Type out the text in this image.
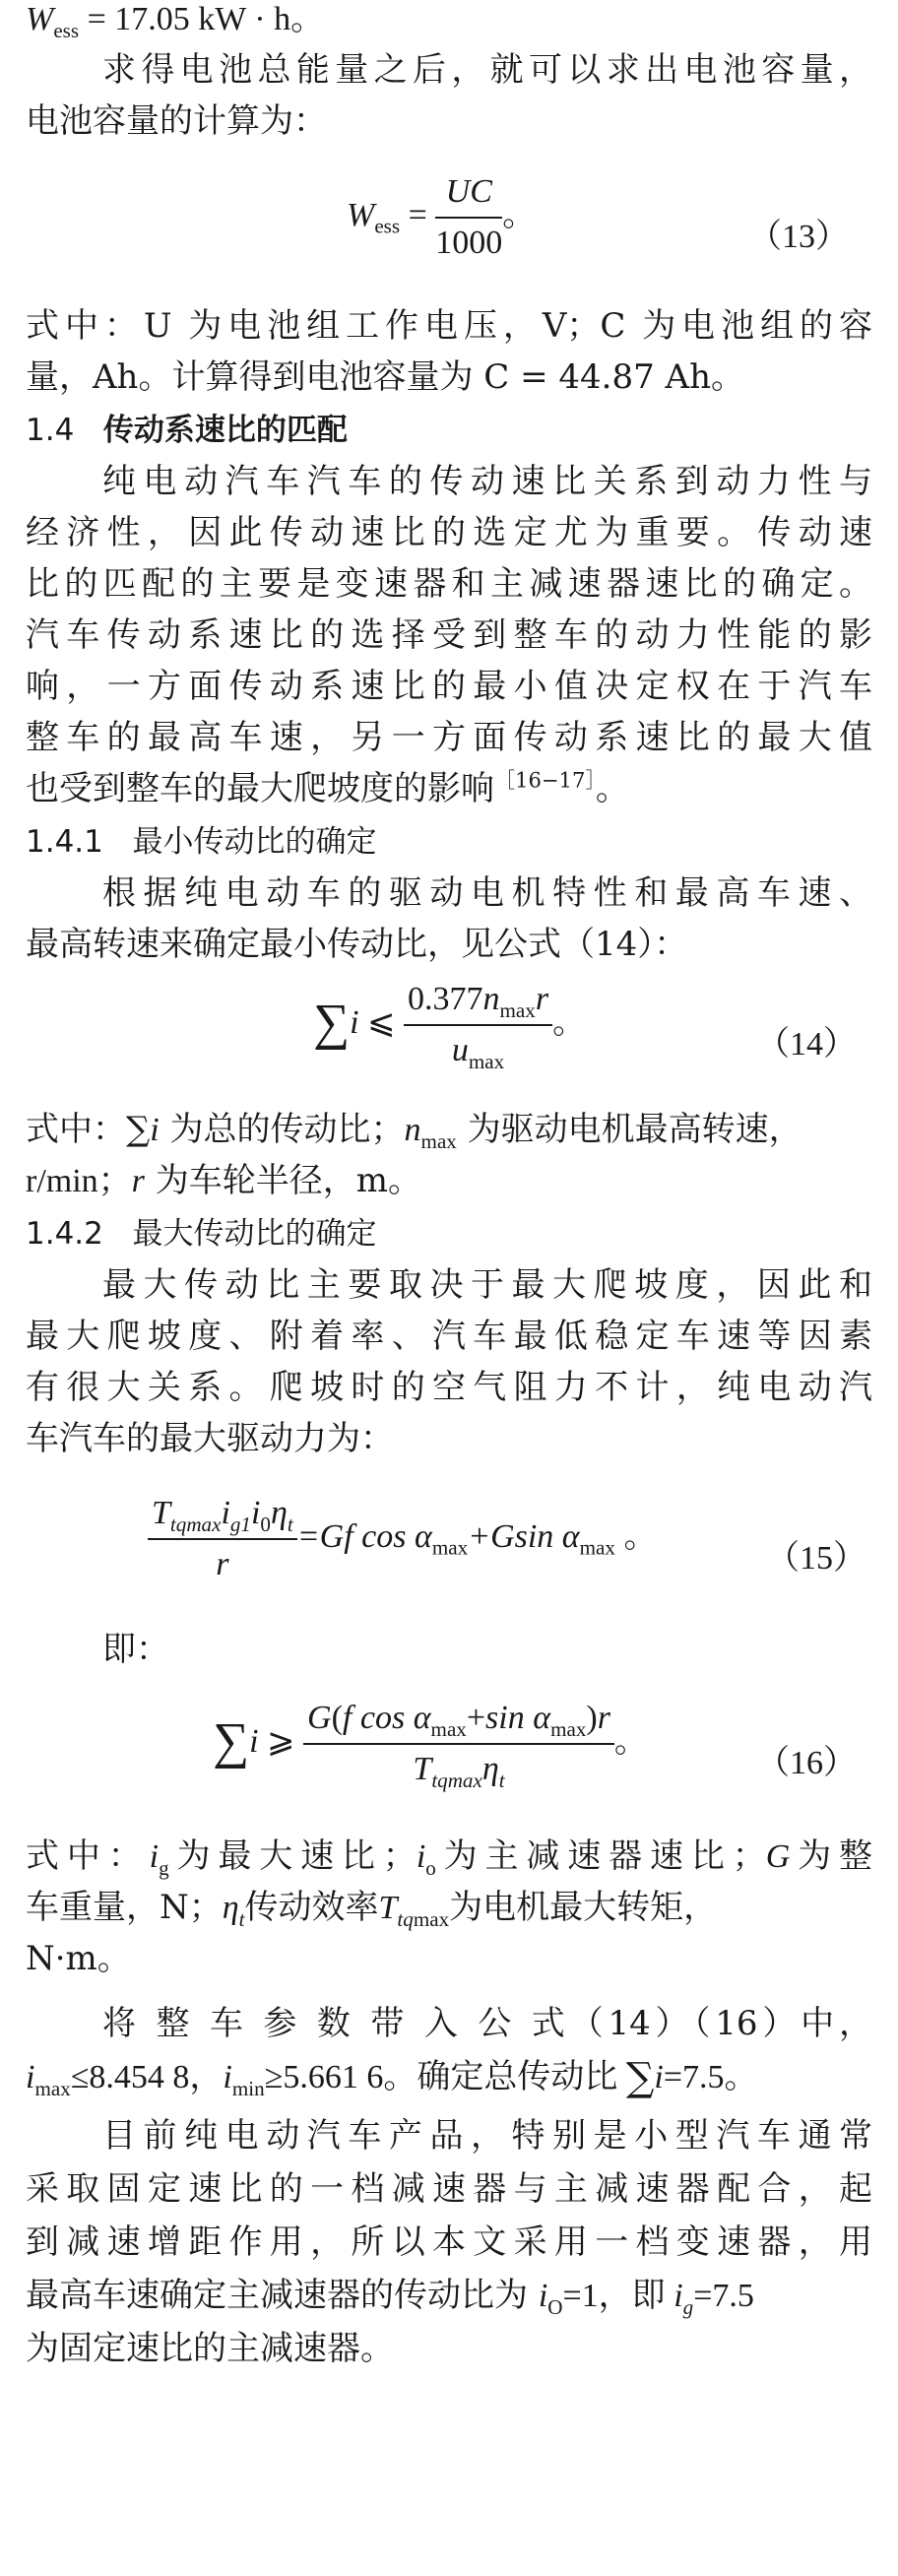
$W_{ess} = 17.05$ kW · h。
求得电池总能量之后，就可以求出电池容量，
电池容量的计算为：
$W_{ess} = \frac{UC}{1000}$ 。
（13）
式中：U 为电池组工作电压，V；C 为电池组的容
量，Ah。计算得到电池容量为 C = 44.87 Ah。
1.4 传动系速比的匹配
纯电动汽车汽车的传动速比关系到动力性与
经济性，因此传动速比的选定尤为重要。传动速
比的匹配的主要是变速器和主减速器速比的确定。
汽车传动系速比的选择受到整车的动力性能的影
响，一方面传动系速比的最小值决定权在于汽车
整车的最高车速，另一方面传动系速比的最大值
也受到整车的最大爬坡度的影响$^{[16-17]}$。
1.4.1 最小传动比的确定
根据纯电动车的驱动电机特性和最高车速、
最高转速来确定最小传动比，见公式（14）：
∑i ⩽ $\frac{0.377n_{max}r}{u_{max}}$ 。
（14）
式中：∑i 为总的传动比；$n_{max}$ 为驱动电机最高转速，
r/min；r 为车轮半径，m。
1.4.2 最大传动比的确定
最大传动比主要取决于最大爬坡度，因此和
最大爬坡度、附着率、汽车最低稳定车速等因素
有很大关系。爬坡时的空气阻力不计，纯电动汽
车汽车的最大驱动力为：
$\frac{T_{tqmax}i_{g1}i_0\eta_t}{r} =Gf$ $\cos \alpha_{max}+Gsin$ $\alpha_{max}$ 。
（15）
即：
∑i ⩾ $\frac{G(f \cos \alpha_{max}+\sin \alpha_{max})r}{T_{tqmax}\eta_t}$ 。
（16）
式中：$i_g$为最大速比；$i_o$为主减速器速比；G为整
车重量，N；$\eta_t$传动效率$T_{tqmax}$为电机最大转矩，
N·m。
将 整 车 参 数 带 入 公 式（14）（16）中，
$i_{max}\le 8.454$ 8，$i_{min}\ge 5.661$ 6。确定总传动比 ∑i=7.5。
目前纯电动汽车产品，特别是小型汽车通常
采取固定速比的一档减速器与主减速器配合，起
到减速增距作用，所以本文采用一档变速器，用
最高车速确定主减速器的传动比为 $i_O=1$，即 $i_g=7.5$
为固定速比的主减速器。
